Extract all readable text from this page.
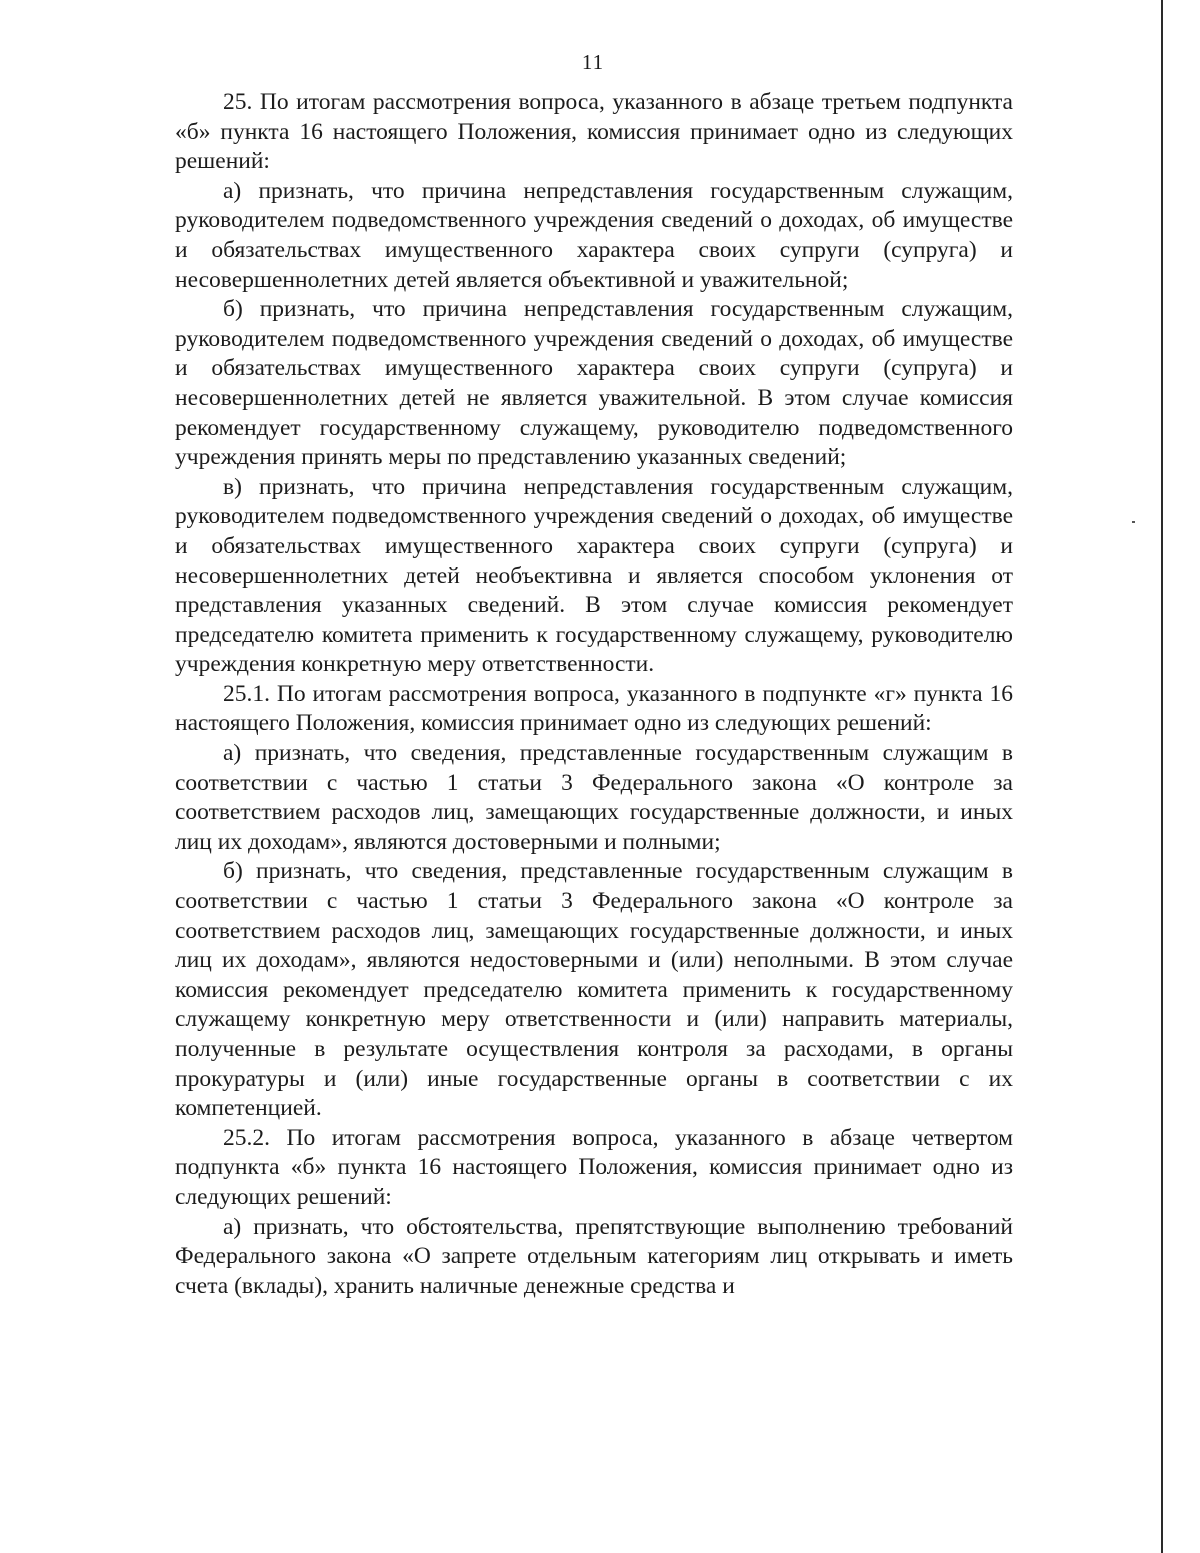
11

25. По итогам рассмотрения вопроса, указанного в абзаце третьем подпункта «б» пункта 16 настоящего Положения, комиссия принимает одно из следующих решений:

а) признать, что причина непредставления государственным служащим, руководителем подведомственного учреждения сведений о доходах, об имуществе и обязательствах имущественного характера своих супруги (супруга) и несовершеннолетних детей является объективной и уважительной;

б) признать, что причина непредставления государственным служащим, руководителем подведомственного учреждения сведений о доходах, об имуществе и обязательствах имущественного характера своих супруги (супруга) и несовершеннолетних детей не является уважительной. В этом случае комиссия рекомендует государственному служащему, руководителю подведомственного учреждения принять меры по представлению указанных сведений;

в) признать, что причина непредставления государственным служащим, руководителем подведомственного учреждения сведений о доходах, об имуществе и обязательствах имущественного характера своих супруги (супруга) и несовершеннолетних детей необъективна и является способом уклонения от представления указанных сведений. В этом случае комиссия рекомендует председателю комитета применить к государственному служащему, руководителю учреждения конкретную меру ответственности.

25.1. По итогам рассмотрения вопроса, указанного в подпункте «г» пункта 16 настоящего Положения, комиссия принимает одно из следующих решений:

а) признать, что сведения, представленные государственным служащим в соответствии с частью 1 статьи 3 Федерального закона «О контроле за соответствием расходов лиц, замещающих государственные должности, и иных лиц их доходам», являются достоверными и полными;

б) признать, что сведения, представленные государственным служащим в соответствии с частью 1 статьи 3 Федерального закона «О контроле за соответствием расходов лиц, замещающих государственные должности, и иных лиц их доходам», являются недостоверными и (или) неполными. В этом случае комиссия рекомендует председателю комитета применить к государственному служащему конкретную меру ответственности и (или) направить материалы, полученные в результате осуществления контроля за расходами, в органы прокуратуры и (или) иные государственные органы в соответствии с их компетенцией.

25.2. По итогам рассмотрения вопроса, указанного в абзаце четвертом подпункта «б» пункта 16 настоящего Положения, комиссия принимает одно из следующих решений:

а) признать, что обстоятельства, препятствующие выполнению требований Федерального закона «О запрете отдельным категориям лиц открывать и иметь счета (вклады), хранить наличные денежные средства и
